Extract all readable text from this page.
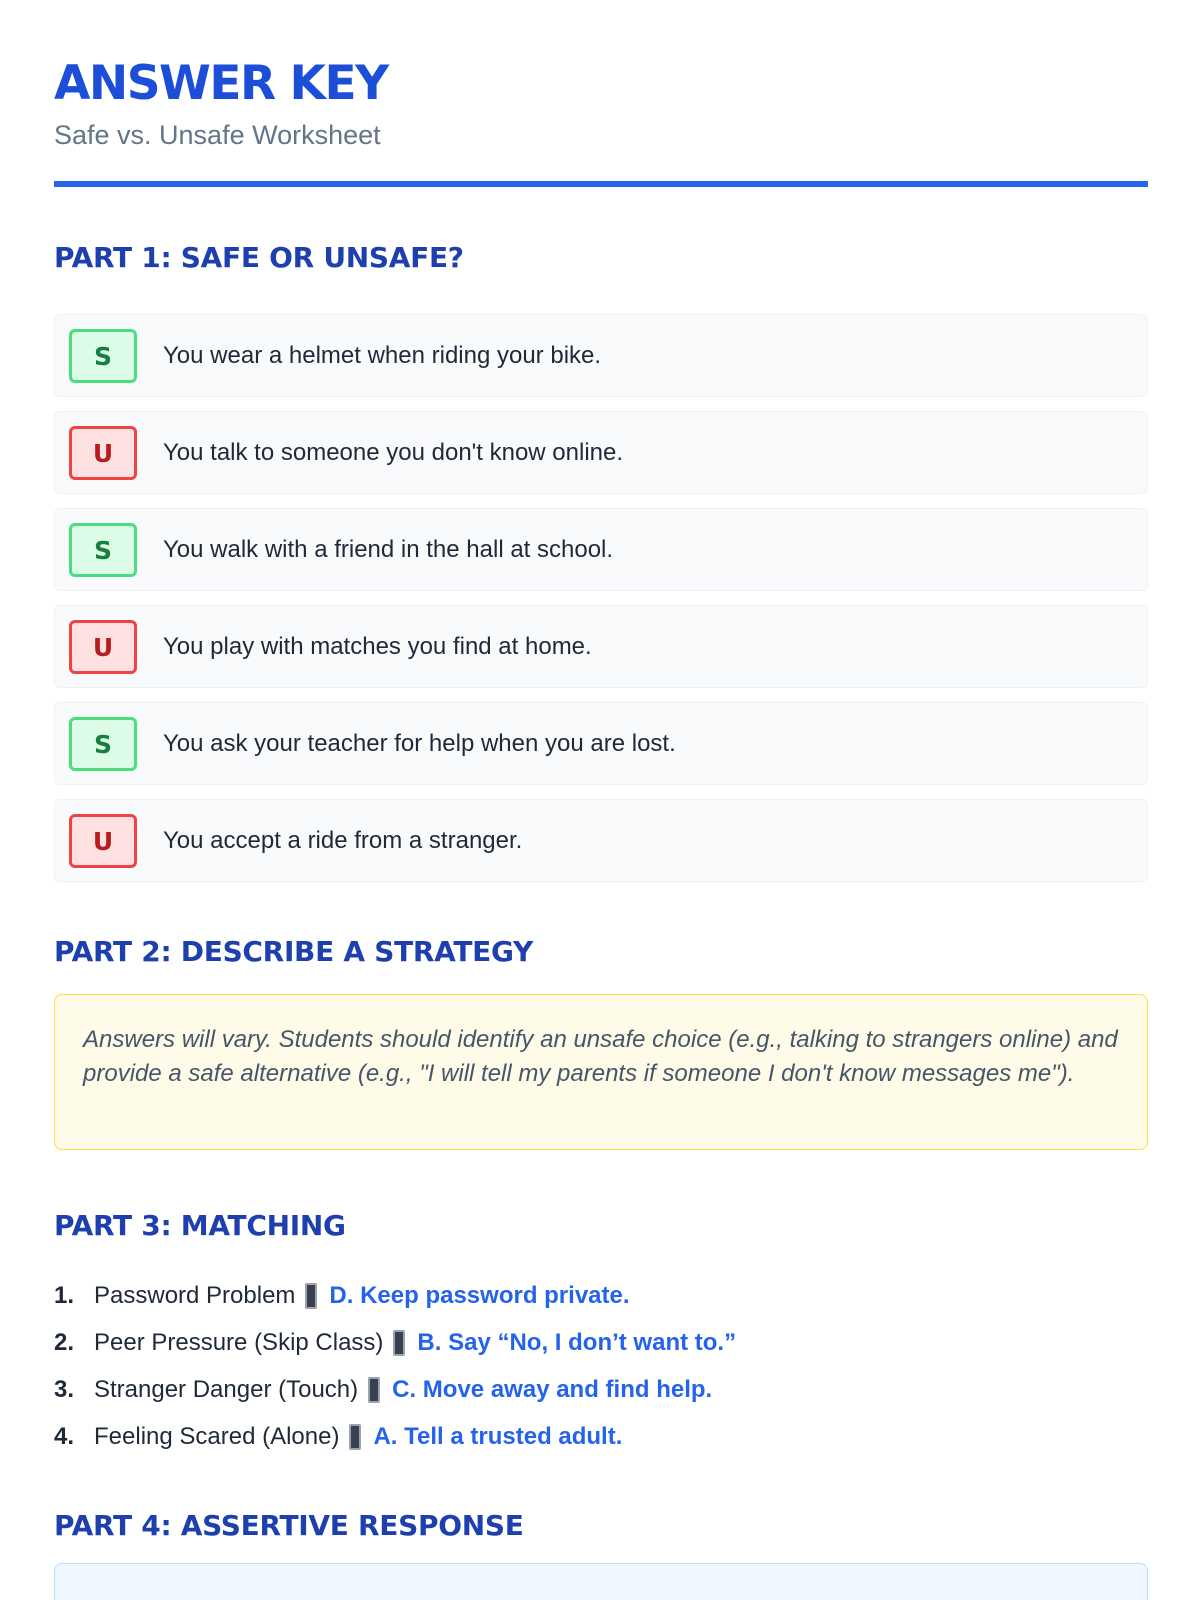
ANSWER KEY
Safe vs. Unsafe Worksheet
PART 1: SAFE OR UNSAFE?
S	You wear a helmet when riding your bike.
U	You talk to someone you don't know online.
S	You walk with a friend in the hall at school.
U	You play with matches you find at home.
S	You ask your teacher for help when you are lost.
U	You accept a ride from a stranger.
PART 2: DESCRIBE A STRATEGY

Answers will vary. Students should identify an unsafe choice (e.g., talking to strangers online) and provide a safe alternative (e.g., "I will tell my parents if someone I don't know messages me").

PART 3: MATCHING
1. Password Problem D. Keep password private.
2. Peer Pressure (Skip Class) B. Say “No, I don’t want to.”
3. Stranger Danger (Touch) C. Move away and find help.
4. Feeling Scared (Alone) A. Tell a trusted adult.
PART 4: ASSERTIVE RESPONSE
